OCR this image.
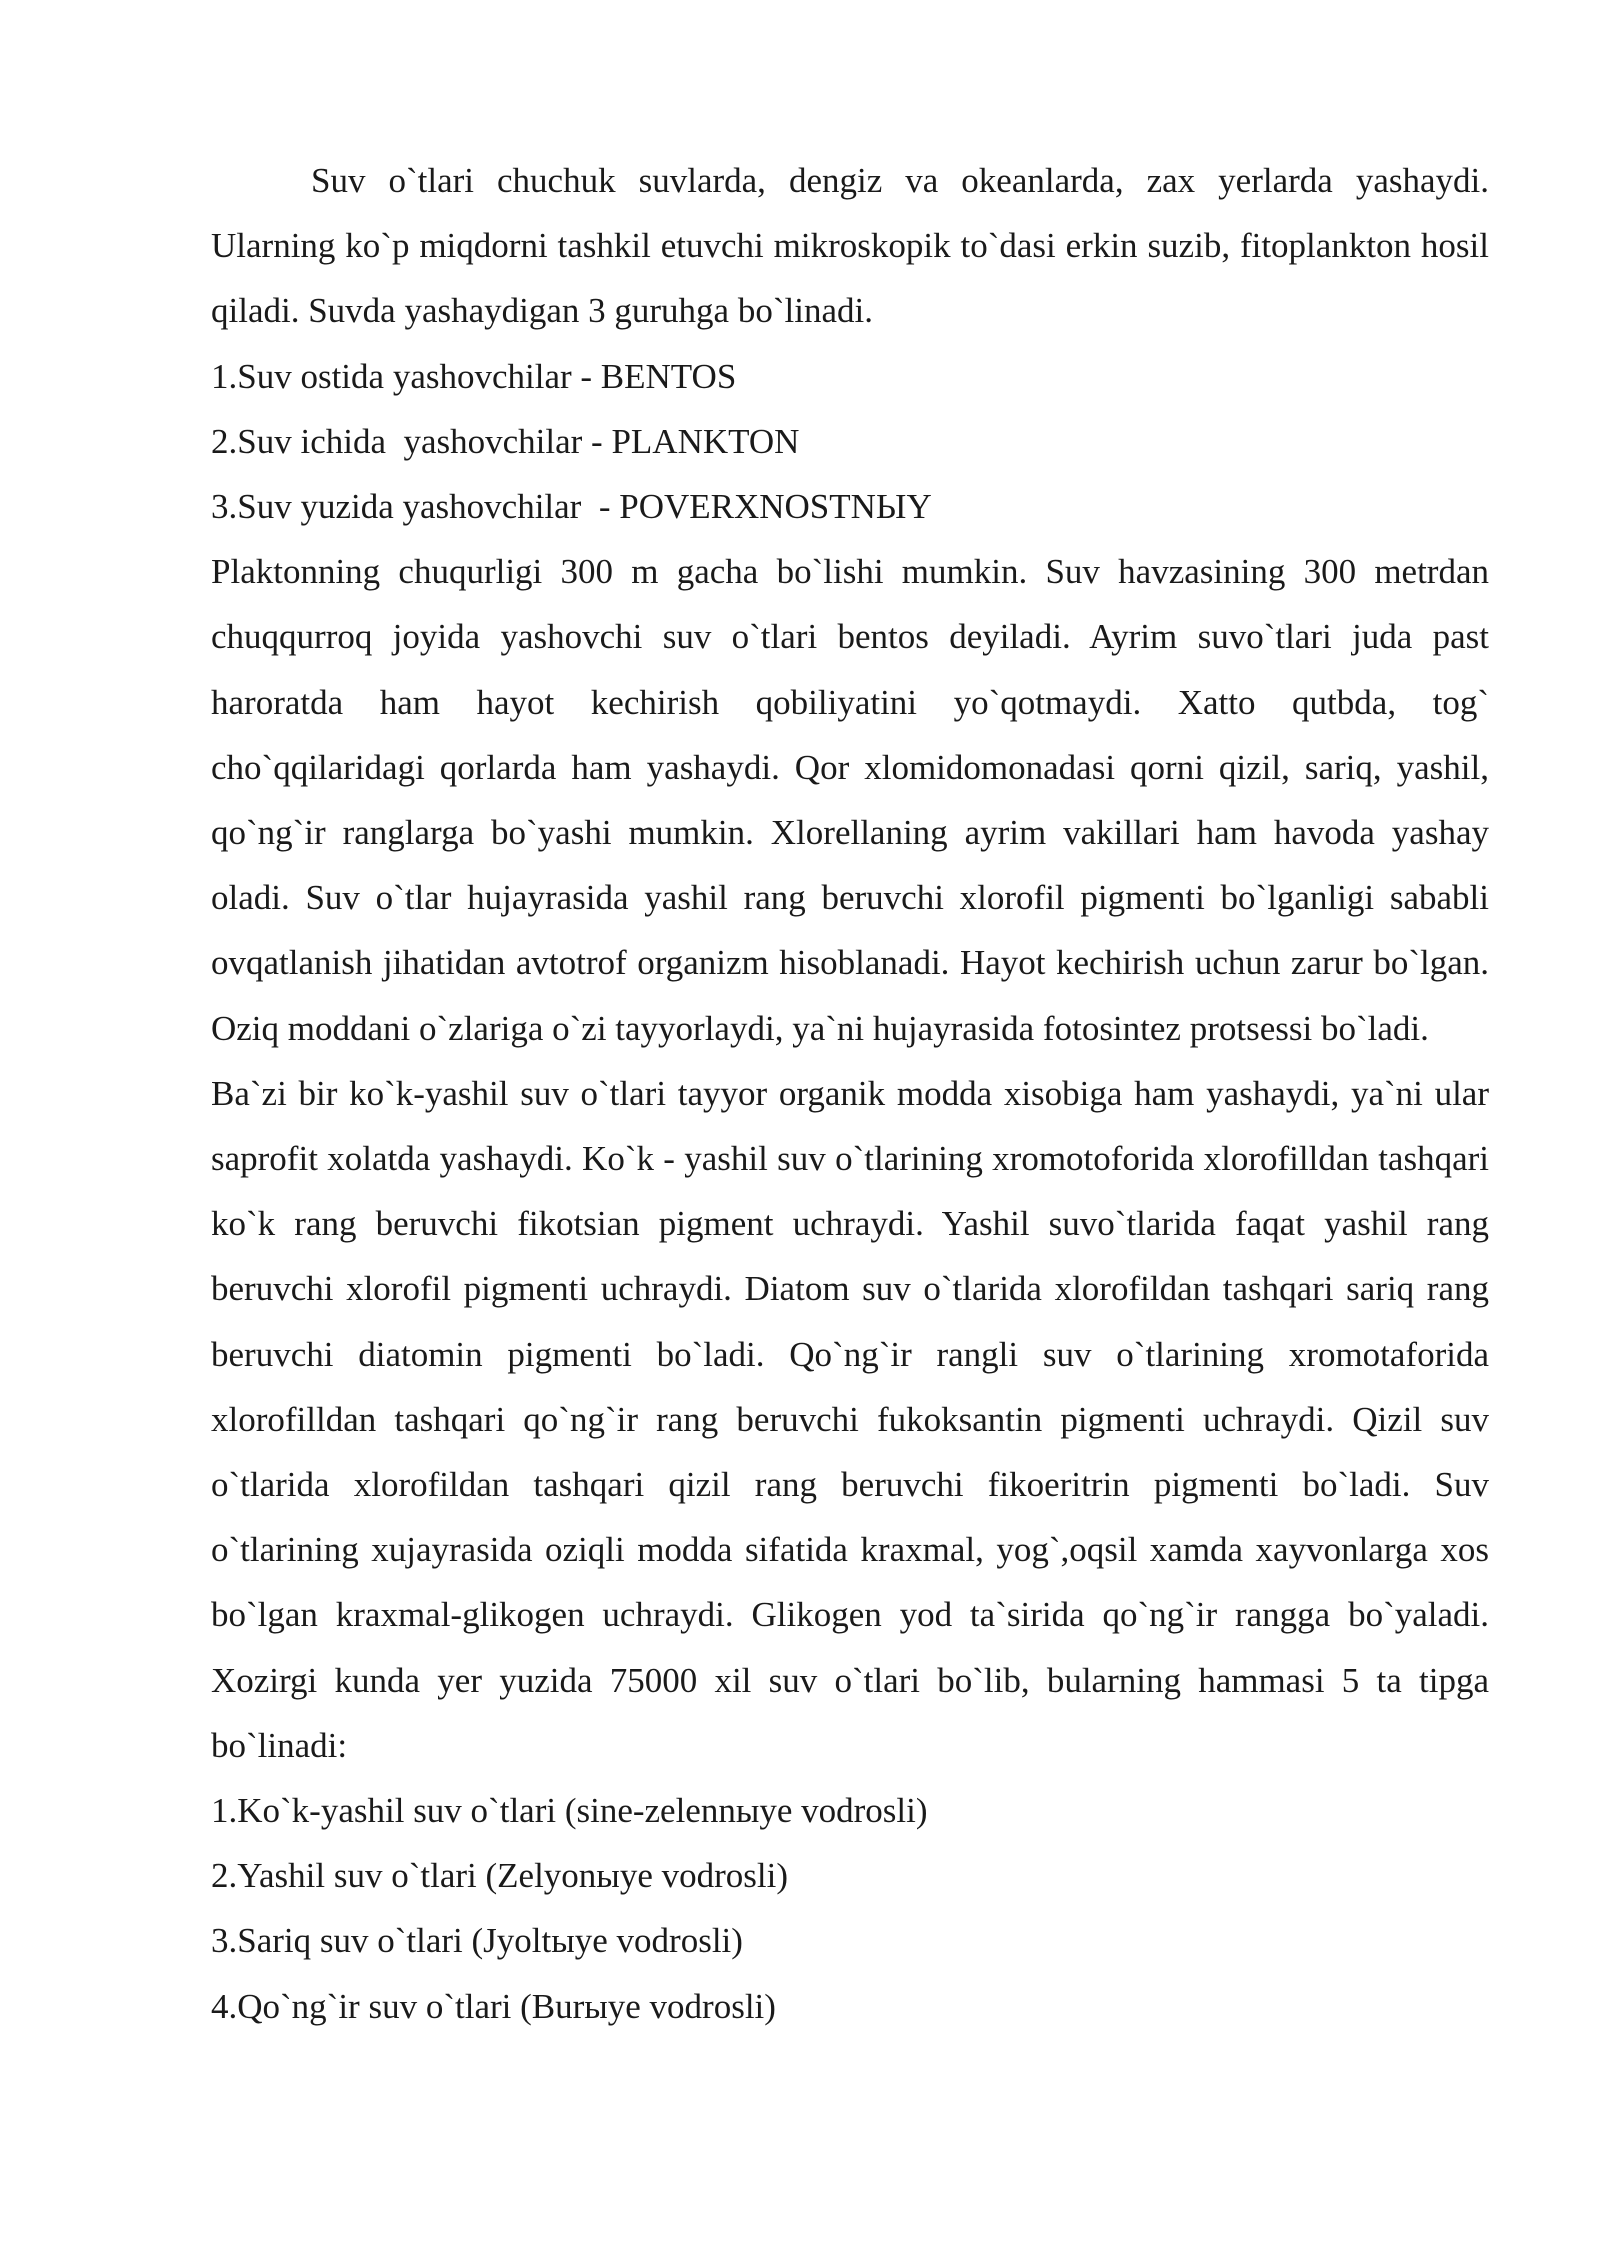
Suv o`tlari chuchuk suvlarda, dengiz va okeanlarda, zax yerlarda yashaydi. Ularning ko`p miqdorni tashkil etuvchi mikroskopik to`dasi erkin suzib, fitoplankton hosil qiladi. Suvda yashaydigan 3 guruhga bo`linadi.

1.Suv ostida yashovchilar - BENTOS

2.Suv ichida  yashovchilar - PLANKTON

3.Suv yuzida yashovchilar  - POVERXNOSTNЫY

Plaktonning chuqurligi 300 m gacha bo`lishi mumkin. Suv havzasining 300 metrdan chuqqurroq joyida yashovchi suv o`tlari bentos deyiladi. Ayrim suvo`tlari juda past haroratda ham hayot kechirish qobiliyatini yo`qotmaydi. Xatto qutbda, tog` cho`qqilaridagi qorlarda ham yashaydi. Qor xlomidomonadasi qorni qizil, sariq, yashil, qo`ng`ir ranglarga bo`yashi mumkin. Xlorellaning ayrim vakillari ham havoda yashay oladi. Suv o`tlar hujayrasida yashil rang beruvchi xlorofil pigmenti bo`lganligi sababli ovqatlanish jihatidan avtotrof organizm hisoblanadi. Hayot kechirish uchun zarur bo`lgan. Oziq moddani o`zlariga o`zi tayyorlaydi, ya`ni hujayrasida fotosintez protsessi bo`ladi.

Ba`zi bir ko`k-yashil suv o`tlari tayyor organik modda xisobiga ham yashaydi, ya`ni ular saprofit xolatda yashaydi. Ko`k - yashil suv o`tlarining xromotoforida xlorofilldan tashqari ko`k rang beruvchi fikotsian pigment uchraydi. Yashil suvo`tlarida faqat yashil rang beruvchi xlorofil pigmenti uchraydi. Diatom suv o`tlarida xlorofildan tashqari sariq rang beruvchi diatomin pigmenti bo`ladi. Qo`ng`ir rangli suv o`tlarining xromotaforida xlorofilldan tashqari qo`ng`ir rang beruvchi fukoksantin pigmenti uchraydi. Qizil suv o`tlarida xlorofildan tashqari qizil rang beruvchi fikoeritrin pigmenti bo`ladi. Suv o`tlarining xujayrasida oziqli modda sifatida kraxmal, yog`,oqsil xamda xayvonlarga xos bo`lgan kraxmal-glikogen uchraydi. Glikogen yod ta`sirida qo`ng`ir rangga bo`yaladi. Xozirgi kunda yer yuzida 75000 xil suv o`tlari bo`lib, bularning hammasi 5 ta tipga bo`linadi:

1.Ko`k-yashil suv o`tlari (sine-zelennыye vodrosli)

2.Yashil suv o`tlari (Zelyonыye vodrosli)

3.Sariq suv o`tlari (Jyoltыye vodrosli)

4.Qo`ng`ir suv o`tlari (Burыye vodrosli)
